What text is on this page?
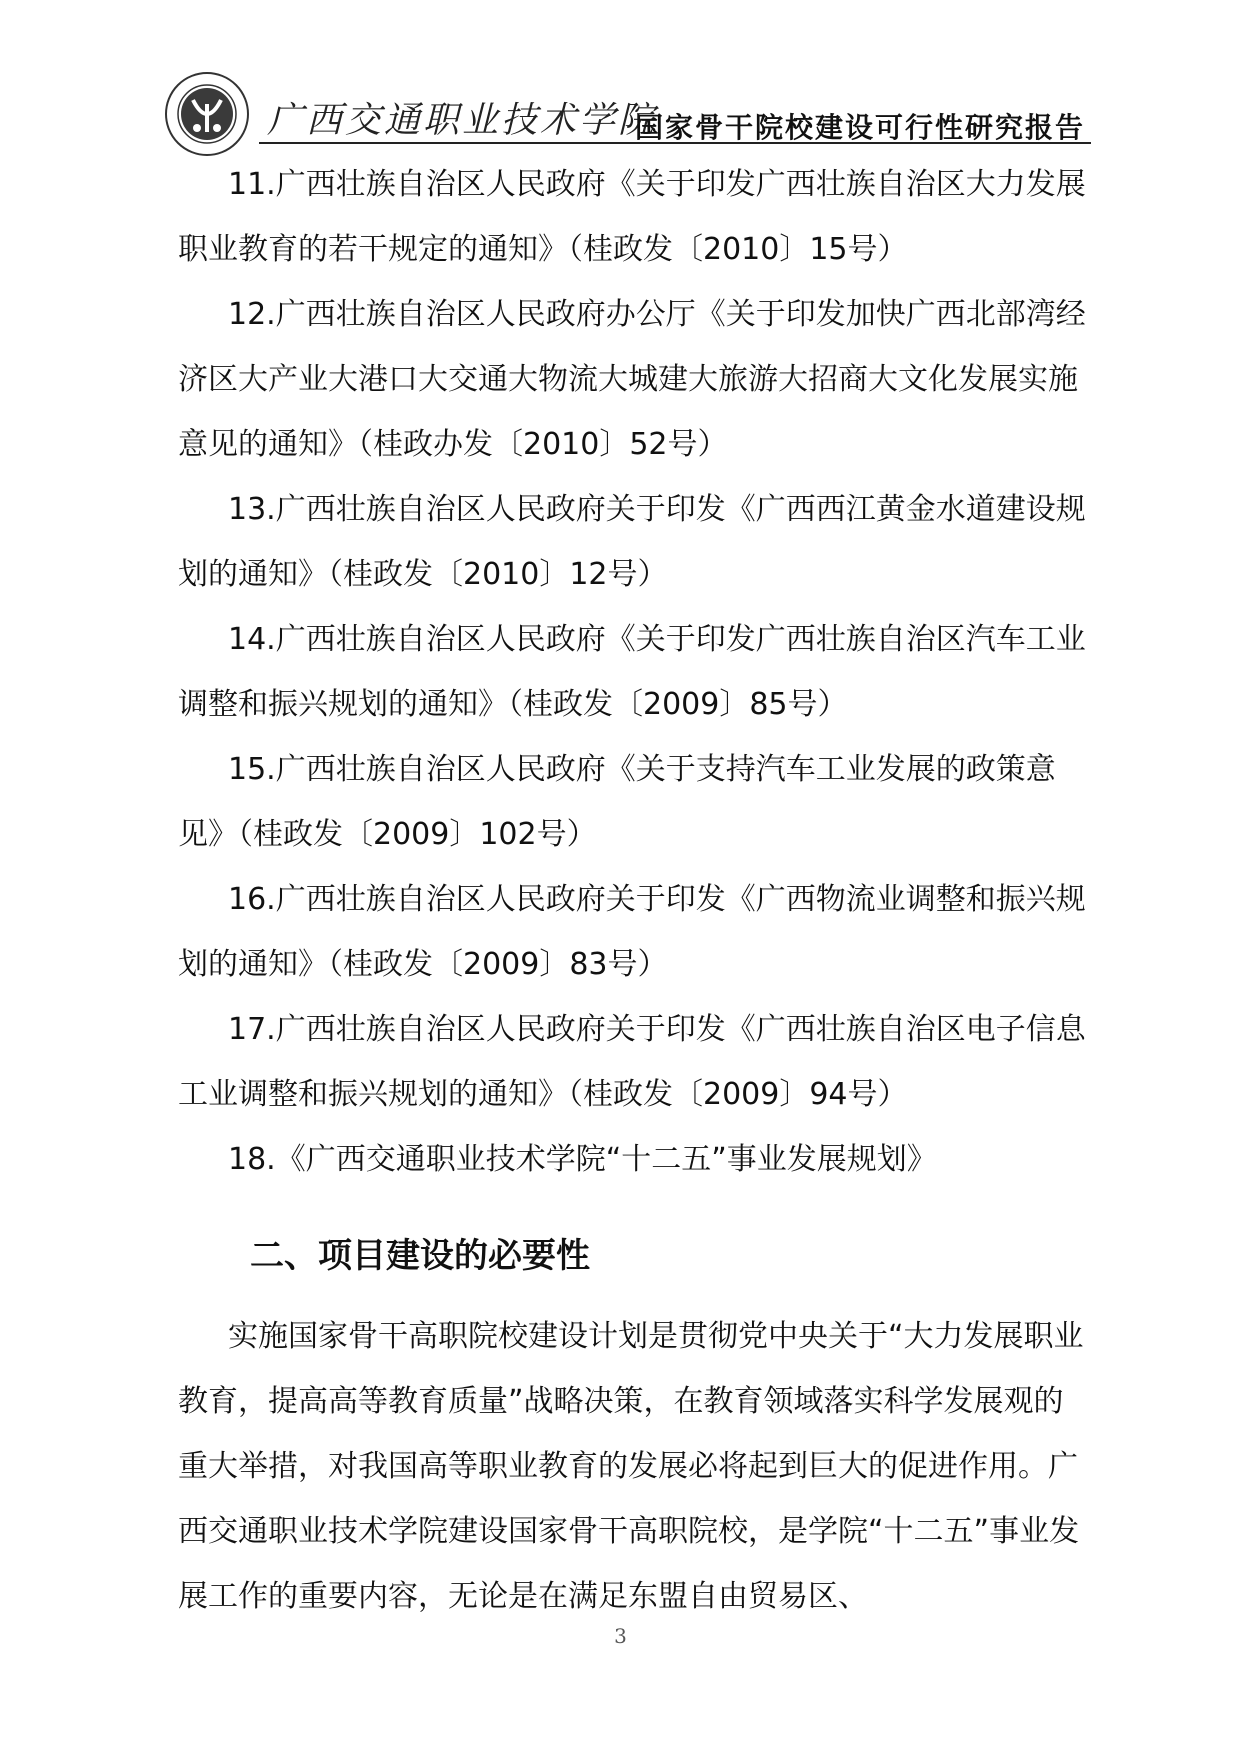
广西交通职业技术学院
国家骨干院校建设可行性研究报告

11.广西壮族自治区人民政府《关于印发广西壮族自治区大力发展职业教育的若干规定的通知》（桂政发〔2010〕15号）

12.广西壮族自治区人民政府办公厅《关于印发加快广西北部湾经济区大产业大港口大交通大物流大城建大旅游大招商大文化发展实施意见的通知》（桂政办发〔2010〕52号）

13.广西壮族自治区人民政府关于印发《广西西江黄金水道建设规划的通知》（桂政发〔2010〕12号）

14.广西壮族自治区人民政府《关于印发广西壮族自治区汽车工业调整和振兴规划的通知》（桂政发〔2009〕85号）

15.广西壮族自治区人民政府《关于支持汽车工业发展的政策意见》（桂政发〔2009〕102号）

16.广西壮族自治区人民政府关于印发《广西物流业调整和振兴规划的通知》（桂政发〔2009〕83号）

17.广西壮族自治区人民政府关于印发《广西壮族自治区电子信息工业调整和振兴规划的通知》（桂政发〔2009〕94号）

18.《广西交通职业技术学院“十二五”事业发展规划》

二、项目建设的必要性

实施国家骨干高职院校建设计划是贯彻党中央关于“大力发展职业教育，提高高等教育质量”战略决策，在教育领域落实科学发展观的重大举措，对我国高等职业教育的发展必将起到巨大的促进作用。广西交通职业技术学院建设国家骨干高职院校，是学院“十二五”事业发展工作的重要内容，无论是在满足东盟自由贸易区、

3
